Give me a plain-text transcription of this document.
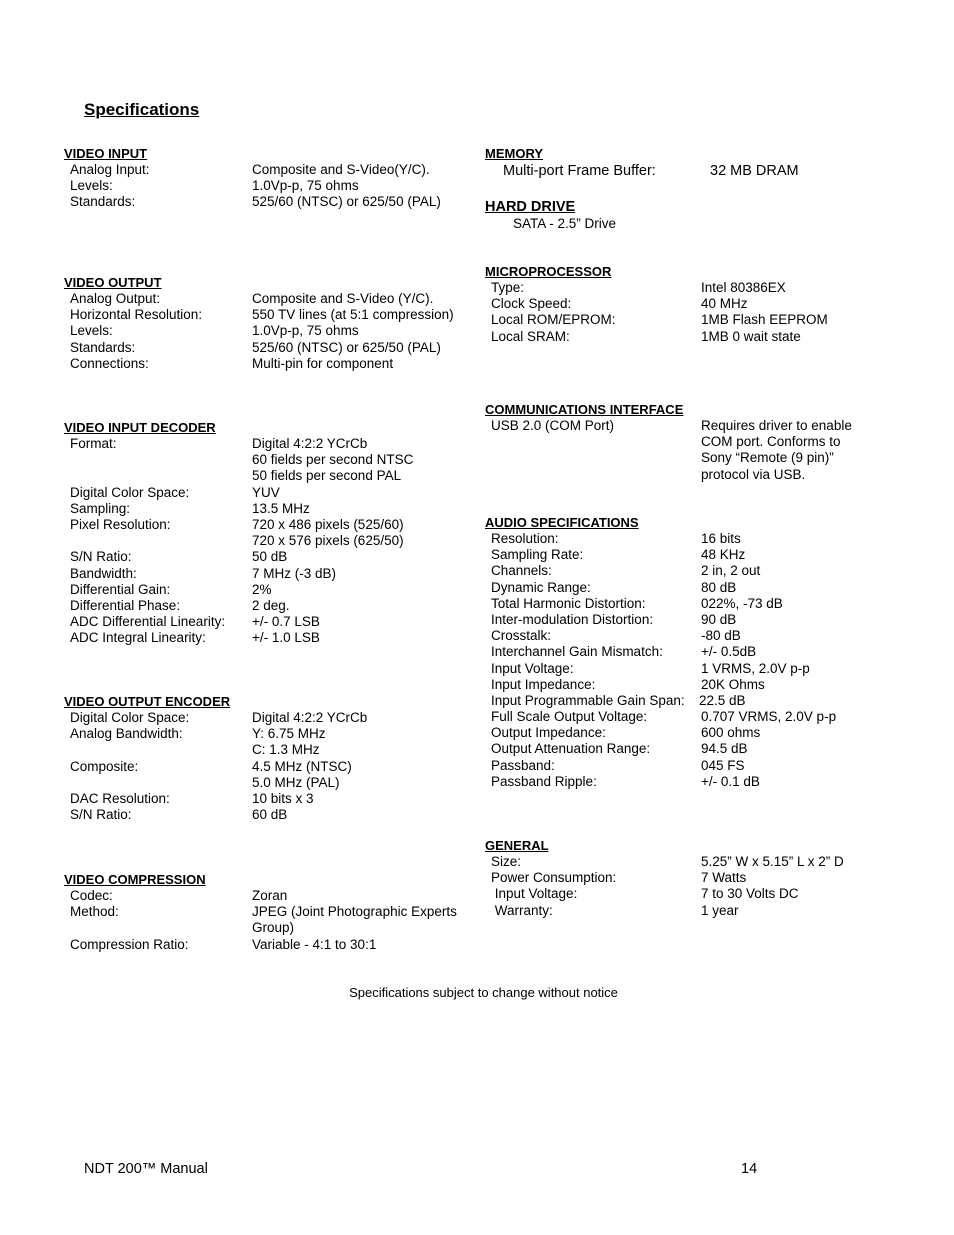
Specifications
VIDEO INPUT
Analog Input:	Composite and S-Video(Y/C).
Levels:	1.0Vp-p, 75 ohms
Standards:	525/60 (NTSC) or 625/50 (PAL)
VIDEO OUTPUT
Analog Output:	Composite and S-Video (Y/C).
Horizontal Resolution:	550 TV lines (at 5:1 compression)
Levels:	1.0Vp-p, 75 ohms
Standards:	525/60 (NTSC) or 625/50 (PAL)
Connections:	Multi-pin for component
VIDEO INPUT DECODER
Format:	Digital 4:2:2 YCrCb
60 fields per second NTSC
50 fields per second PAL
Digital Color Space:	YUV
Sampling:	13.5 MHz
Pixel Resolution:	720 x 486 pixels (525/60)
720 x 576 pixels (625/50)
S/N Ratio:	50 dB
Bandwidth:	7 MHz (-3 dB)
Differential Gain:	2%
Differential Phase:	2 deg.
ADC Differential Linearity: +/- 0.7 LSB
ADC Integral Linearity:	+/- 1.0 LSB
VIDEO OUTPUT ENCODER
Digital Color Space:	Digital 4:2:2 YCrCb
Analog Bandwidth:	Y: 6.75 MHz
C: 1.3 MHz
Composite:	4.5 MHz (NTSC)
5.0 MHz (PAL)
DAC Resolution:	10 bits x 3
S/N Ratio:	60 dB
VIDEO COMPRESSION
Codec:	Zoran
Method:	JPEG (Joint Photographic Experts
Group)
Compression Ratio:	Variable - 4:1 to 30:1
MEMORY
Multi-port Frame Buffer:	32 MB DRAM
HARD DRIVE
SATA - 2.5” Drive
MICROPROCESSOR
Type:	Intel 80386EX
Clock Speed:	40 MHz
Local ROM/EPROM:	1MB Flash EEPROM
Local SRAM:	1MB 0 wait state
COMMUNICATIONS INTERFACE
USB 2.0 (COM Port)	Requires driver to enable
COM port. Conforms to
Sony “Remote (9 pin)”
protocol via USB.
AUDIO SPECIFICATIONS
Resolution:	16 bits
Sampling Rate:	48 KHz
Channels:	2 in, 2 out
Dynamic Range:	80 dB
Total Harmonic Distortion:	022%, -73 dB
Inter-modulation Distortion:	90 dB
Crosstalk:	-80 dB
Interchannel Gain Mismatch:	+/- 0.5dB
Input Voltage:	1 VRMS, 2.0V p-p
Input Impedance:	20K Ohms
Input Programmable Gain Span: 22.5 dB
Full Scale Output Voltage:	0.707 VRMS, 2.0V p-p
Output Impedance:	600 ohms
Output Attenuation Range:	94.5 dB
Passband:	045 FS
Passband Ripple:	+/- 0.1 dB
GENERAL
Size:	5.25” W x 5.15” L x 2” D
Power Consumption:	7 Watts
Input Voltage:	7 to 30 Volts DC
Warranty:	1 year
Specifications subject to change without notice
NDT 200™ Manual	14
